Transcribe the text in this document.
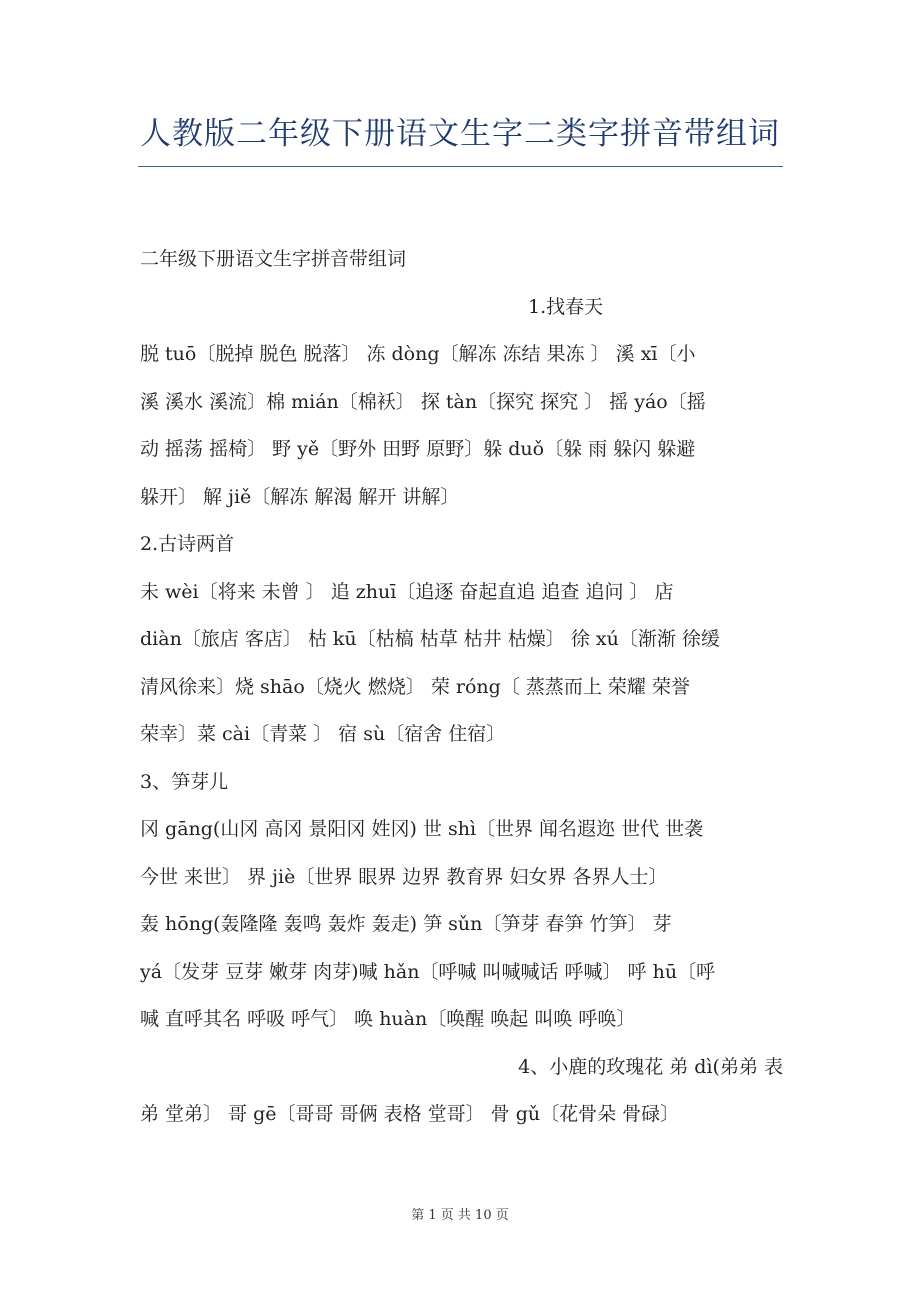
人教版二年级下册语文生字二类字拼音带组词

二年级下册语文生字拼音带组词

1.找春天

脱 tuō〔脱掉 脱色 脱落〕 冻 dòng〔解冻 冻结 果冻 〕 溪 xī〔小

溪 溪水 溪流〕棉 mián〔棉袄〕 探 tàn〔探究 探究 〕 摇 yáo〔摇

动 摇荡 摇椅〕 野 yě〔野外 田野 原野〕躲 duǒ〔躲 雨 躲闪 躲避

躲开〕 解 jiě〔解冻 解渴 解开 讲解〕

2.古诗两首

未 wèi〔将来 未曾 〕 追 zhuī〔追逐 奋起直追 追查 追问 〕 店

diàn〔旅店 客店〕 枯 kū〔枯槁 枯草 枯井 枯燥〕 徐 xú〔渐渐 徐缓

清风徐来〕烧 shāo〔烧火 燃烧〕 荣 róng〔 蒸蒸而上 荣耀 荣誉

荣幸〕菜 cài〔青菜 〕 宿 sù〔宿舍 住宿〕

3、笋芽儿

冈 gāng(山冈 高冈 景阳冈 姓冈) 世 shì〔世界 闻名遐迩 世代 世袭

今世 来世〕 界 jiè〔世界 眼界 边界 教育界 妇女界 各界人士〕

轰 hōng(轰隆隆 轰鸣 轰炸 轰走) 笋 sǔn〔笋芽 春笋 竹笋〕 芽

yá〔发芽 豆芽 嫩芽 肉芽)喊 hǎn〔呼喊 叫喊喊话 呼喊〕 呼 hū〔呼

喊 直呼其名 呼吸 呼气〕 唤 huàn〔唤醒 唤起 叫唤 呼唤〕

4、小鹿的玫瑰花 弟 dì(弟弟 表

弟 堂弟〕 哥 gē〔哥哥 哥俩 表格 堂哥〕 骨 gǔ〔花骨朵 骨碌〕

第 1 页 共 10 页
